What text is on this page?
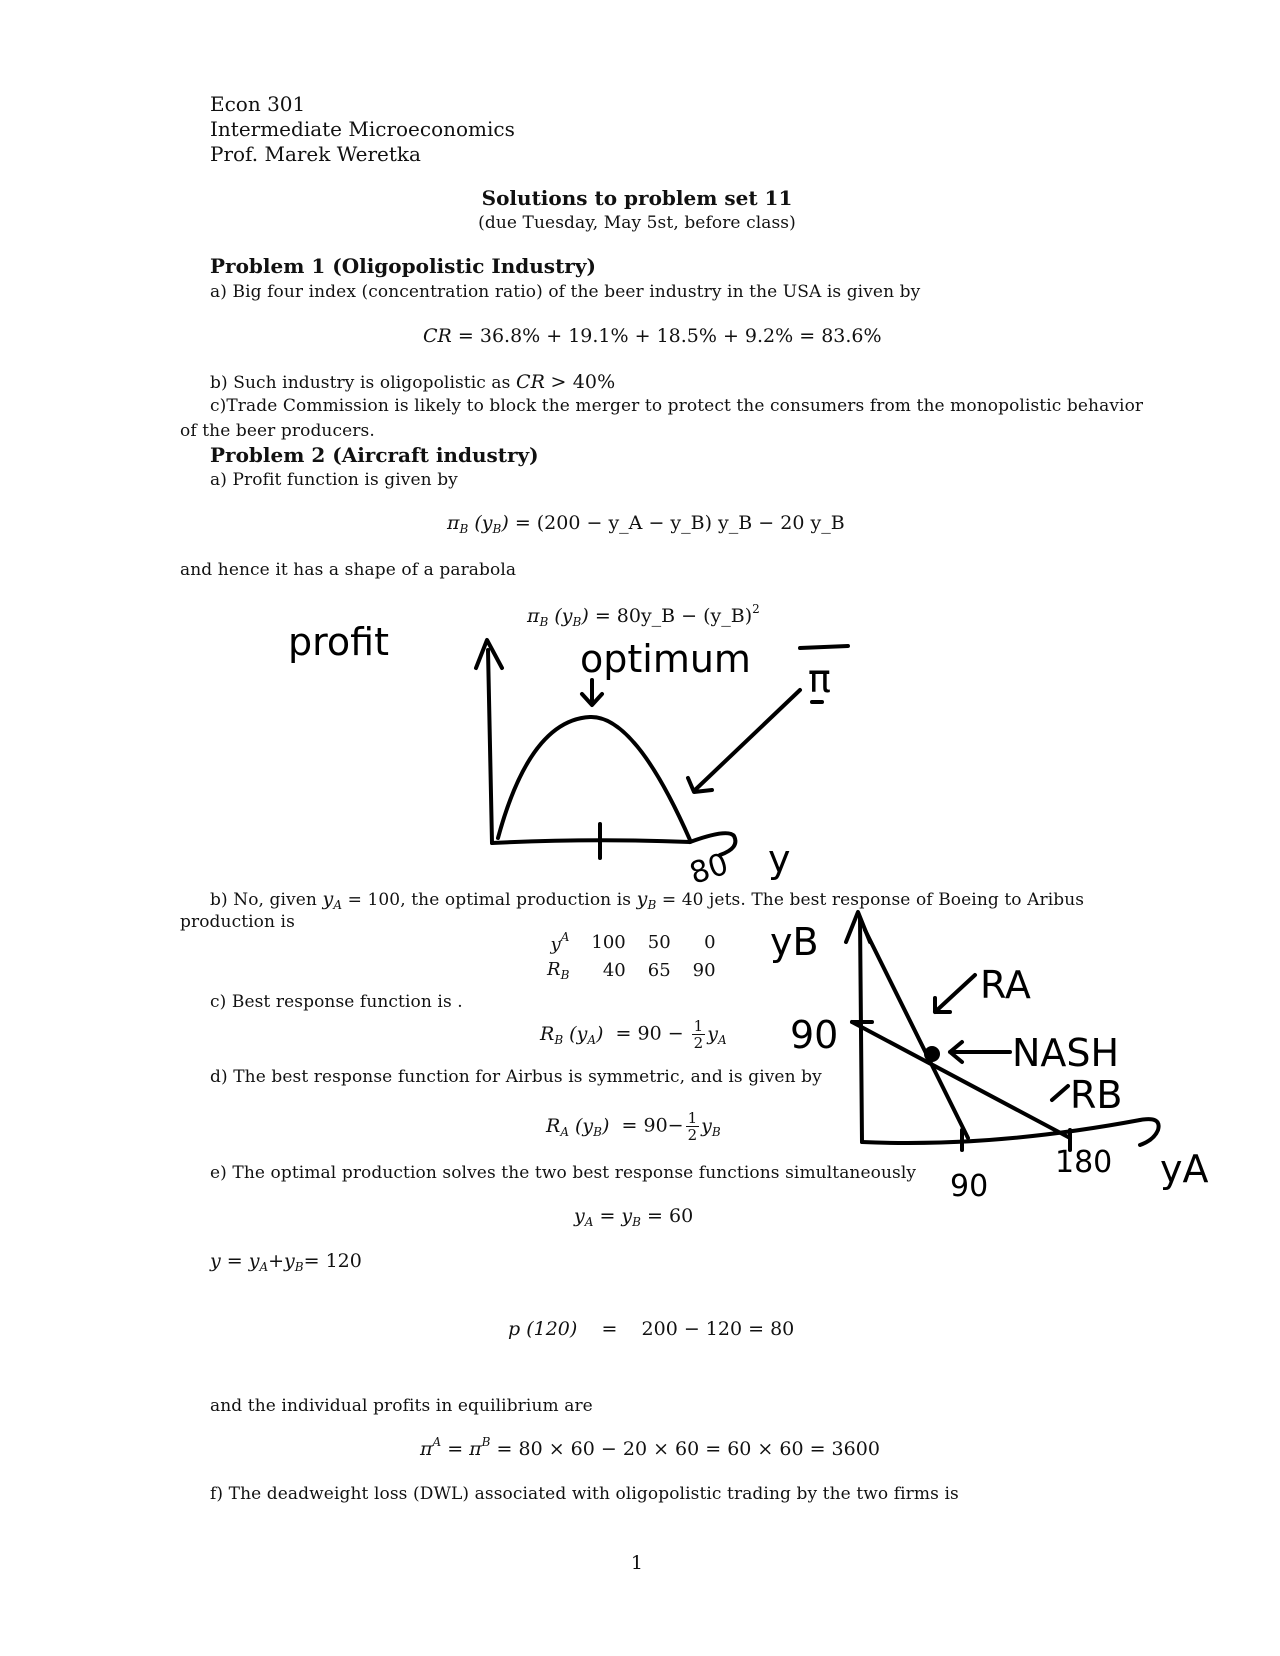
Econ 301
Intermediate Microeconomics
Prof. Marek Weretka
Solutions to problem set 11
(due Tuesday, May 5st, before class)
Problem 1 (Oligopolistic Industry)
a) Big four index (concentration ratio) of the beer industry in the USA is given by
CR = 36.8% + 19.1% + 18.5% + 9.2% = 83.6%
b) Such industry is oligopolistic as CR > 40%
c)Trade Commission is likely to block the merger to protect the consumers from the monopolistic behavior
of the beer producers.
Problem 2 (Aircraft industry)
a) Profit function is given by
$\pi_B$ $(y_B) = (200$ − y_A − y_B) y_B − 20 y_B
and hence it has a shape of a parabola
$\pi_B$ $(y_B)$ = 80y_B − (y_B)$^2$
profit	optimum π
80 y
b) No, given $y_A = 100$, the optimal production is $y_B = 40$ jets. The best response of Boeing to Aribus
production is
$y^A$	100	50	0
$R_B$	40	65	90
c) Best response function is .
$R_B$ $(y_A) = 90 - \frac{1}{2} y_A$
d) The best response function for Airbus is symmetric, and is given by
$R_A$ $(y_B) = 90- \frac{1}{2} y_B$
e) The optimal production solves the two best response functions simultaneously
$y_A = y_B = 60$
$y = y_A+y_B= 120$
p (120)    =    200 − 120 = 80
and the individual profits in equilibrium are
$\pi^A = \pi^B = 80 \times 60 - 20 \times 60 = 60 \times 60 = 3600$
f) The deadweight loss (DWL) associated with oligopolistic trading by the two firms is
yB
90
RA
NASH
RB
90
180 yA
1
